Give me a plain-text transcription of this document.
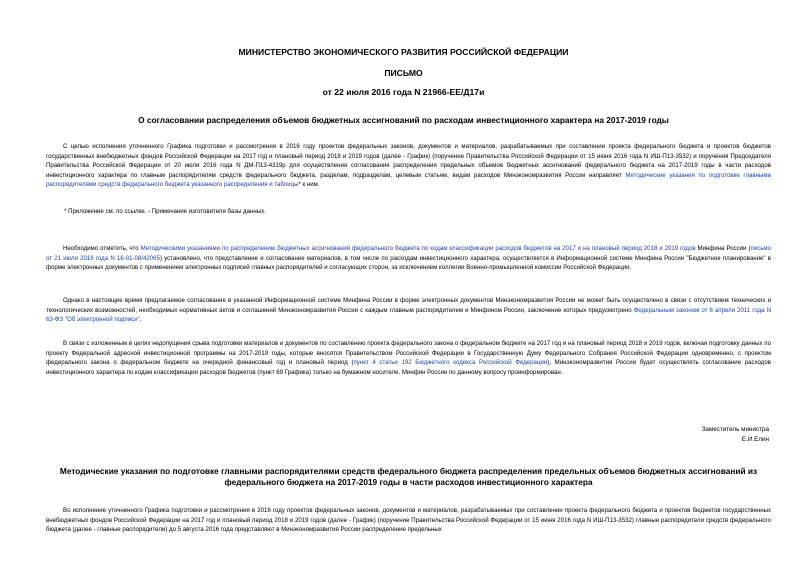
МИНИСТЕРСТВО ЭКОНОМИЧЕСКОГО РАЗВИТИЯ РОССИЙСКОЙ ФЕДЕРАЦИИ
ПИСЬМО
от 22 июля 2016 года N 21966-ЕЕ/Д17и
О согласовании распределения объемов бюджетных ассигнований по расходам инвестиционного характера на 2017-2019 годы

С целью исполнения уточненного Графика подготовки и рассмотрения в 2016 году проектов федеральных законов, документов и материалов, разрабатываемых при составлении проекта федерального бюджета и проектов бюджетов государственных внебюджетных фондов Российской Федерации на 2017 год и плановый период 2018 и 2019 годов (далее - График) (поручение Правительства Российской Федерации от 15 июня 2016 года N ИШ-П13-3532) и поручения Председателя Правительства Российской Федерации от 20 июля 2016 года N ДМ-П13-4319р для осуществления согласования распределения предельных объемов бюджетных ассигнований федерального бюджета на 2017-2019 годы в части расходов инвестиционного характера по главным распорядителям средств федерального бюджета, разделам, подразделам, целевым статьям, видам расходов Минэкономразвития России направляет Методические указания по подготовке главными распорядителями средств федерального бюджета указанного распределения и таблицы* к ним.

* Приложение см. по ссылке. - Примечание изготовителя базы данных.

Необходимо отметить, что Методическими указаниями по распределению бюджетных ассигнований федерального бюджета по кодам классификации расходов бюджетов на 2017 и на плановый период 2018 и 2019 годов Минфина России (письмо от 21 июля 2016 года N 16-01-08/42065) установлено, что представление и согласование материалов, в том числе по расходам инвестиционного характера, осуществляется в Информационной системе Минфина России "Бюджетное планирование" в форме электронных документов с применением электронных подписей главных распорядителей и согласующих сторон, за исключением коллегии Военно-промышленной комиссии Российской Федерации.

Однако в настоящее время предлагаемое согласование в указанной Информационной системе Минфина России в форме электронных документов Минэкономразвития России не может быть осуществлено в связи с отсутствием технических и технологических возможностей, необходимых нормативных актов и соглашений Минэкономразвития России с каждым главным распорядителем и Минфином России, заключение которых предусмотрено Федеральным законом от 6 апреля 2011 года N 63-ФЗ "Об электронной подписи".

В связи с изложенным в целях недопущения срыва подготовки материалов и документов по составлению проекта федерального закона о федеральном бюджете на 2017 год и на плановый период 2018 и 2019 годов, включая подготовку данных по проекту Федеральной адресной инвестиционной программы на 2017-2019 годы, которые вносятся Правительством Российской Федерации в Государственную Думу Федерального Собрания Российской Федерации одновременно, с проектом федерального закона о федеральном бюджете на очередной финансовый год и плановый период (пункт 4 статьи 192 Бюджетного кодекса Российской Федерации), Минэкономразвития России будет осуществлять согласование расходов инвестиционного характера по кодам классификации расходов бюджетов (пункт 69 Графика) только на бумажном носителе. Минфин России по данному вопросу проинформирован.

Заместитель министра
Е.И.Елин
Методические указания по подготовке главными распорядителями средств федерального бюджета распределения предельных объемов бюджетных ассигнований из федерального бюджета на 2017-2019 годы в части расходов инвестиционного характера

Во исполнение уточненного Графика подготовки и рассмотрения в 2016 году проектов федеральных законов, документов и материалов, разрабатываемых при составлении проекта федерального бюджета и проектов бюджетов государственных внебюджетных фондов Российской Федерации на 2017 год и плановый период 2018 и 2019 годов (далее - График) (поручение Правительства Российской Федерации от 15 июня 2016 года N ИШ-П13-3532) главные распорядители средств федерального бюджета (далее - главные распорядители) до 5 августа 2016 года представляют в Минэкономразвития России распределение предельных
